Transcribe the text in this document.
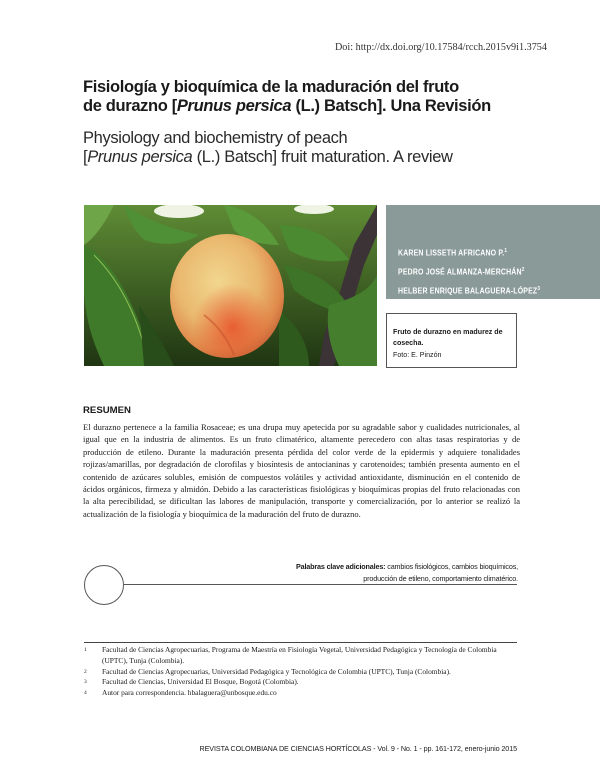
Doi: http://dx.doi.org/10.17584/rcch.2015v9i1.3754
Fisiología y bioquímica de la maduración del fruto
de durazno [Prunus persica (L.) Batsch]. Una Revisión
Physiology and biochemistry of peach
[Prunus persica (L.) Batsch] fruit maturation. A review
KAREN LISSETH AFRICANO P.$^1$
PEDRO JOSÉ ALMANZA-MERCHÁN$^2$
HELBER ENRIQUE BALAGUERA-LÓPEZ$^3$
Fruto de durazno en madurez de cosecha.
Foto: E. Pinzón
RESUMEN

El durazno pertenece a la familia Rosaceae; es una drupa muy apetecida por su agradable sabor y cualidades nutricionales, al igual que en la industria de alimentos. Es un fruto climatérico, altamente perecedero con altas tasas respiratorias y de producción de etileno. Durante la maduración presenta pérdida del color verde de la epidermis y adquiere tonalidades rojizas/amarillas, por degradación de clorofilas y biosíntesis de antocianinas y carotenoides; también presenta aumento en el contenido de azúcares solubles, emisión de compuestos volátiles y actividad antioxidante, disminución en el contenido de ácidos orgánicos, firmeza y almidón. Debido a las características fisiológicas y bioquímicas propias del fruto relacionadas con la alta perecibilidad, se dificultan las labores de manipulación, transporte y comercialización, por lo anterior se realizó la actualización de la fisiología y bioquímica de la maduración del fruto de durazno.

Palabras clave adicionales: cambios fisiológicos, cambios bioquímicos,
producción de etileno, comportamiento climatérico.
1	Facultad de Ciencias Agropecuarias, Programa de Maestría en Fisiología Vegetal, Universidad Pedagógica y Tecnología de Colombia (UPTC), Tunja (Colombia).
2	Facultad de Ciencias Agropecuarias, Universidad Pedagógica y Tecnológica de Colombia (UPTC), Tunja (Colombia).
3	Facultad de Ciencias, Universidad El Bosque, Bogotá (Colombia).
4	Autor para correspondencia. hbalaguera@unbosque.edu.co
REVISTA COLOMBIANA DE CIENCIAS HORTÍCOLAS - Vol. 9 - No. 1 - pp. 161-172, enero-junio 2015
